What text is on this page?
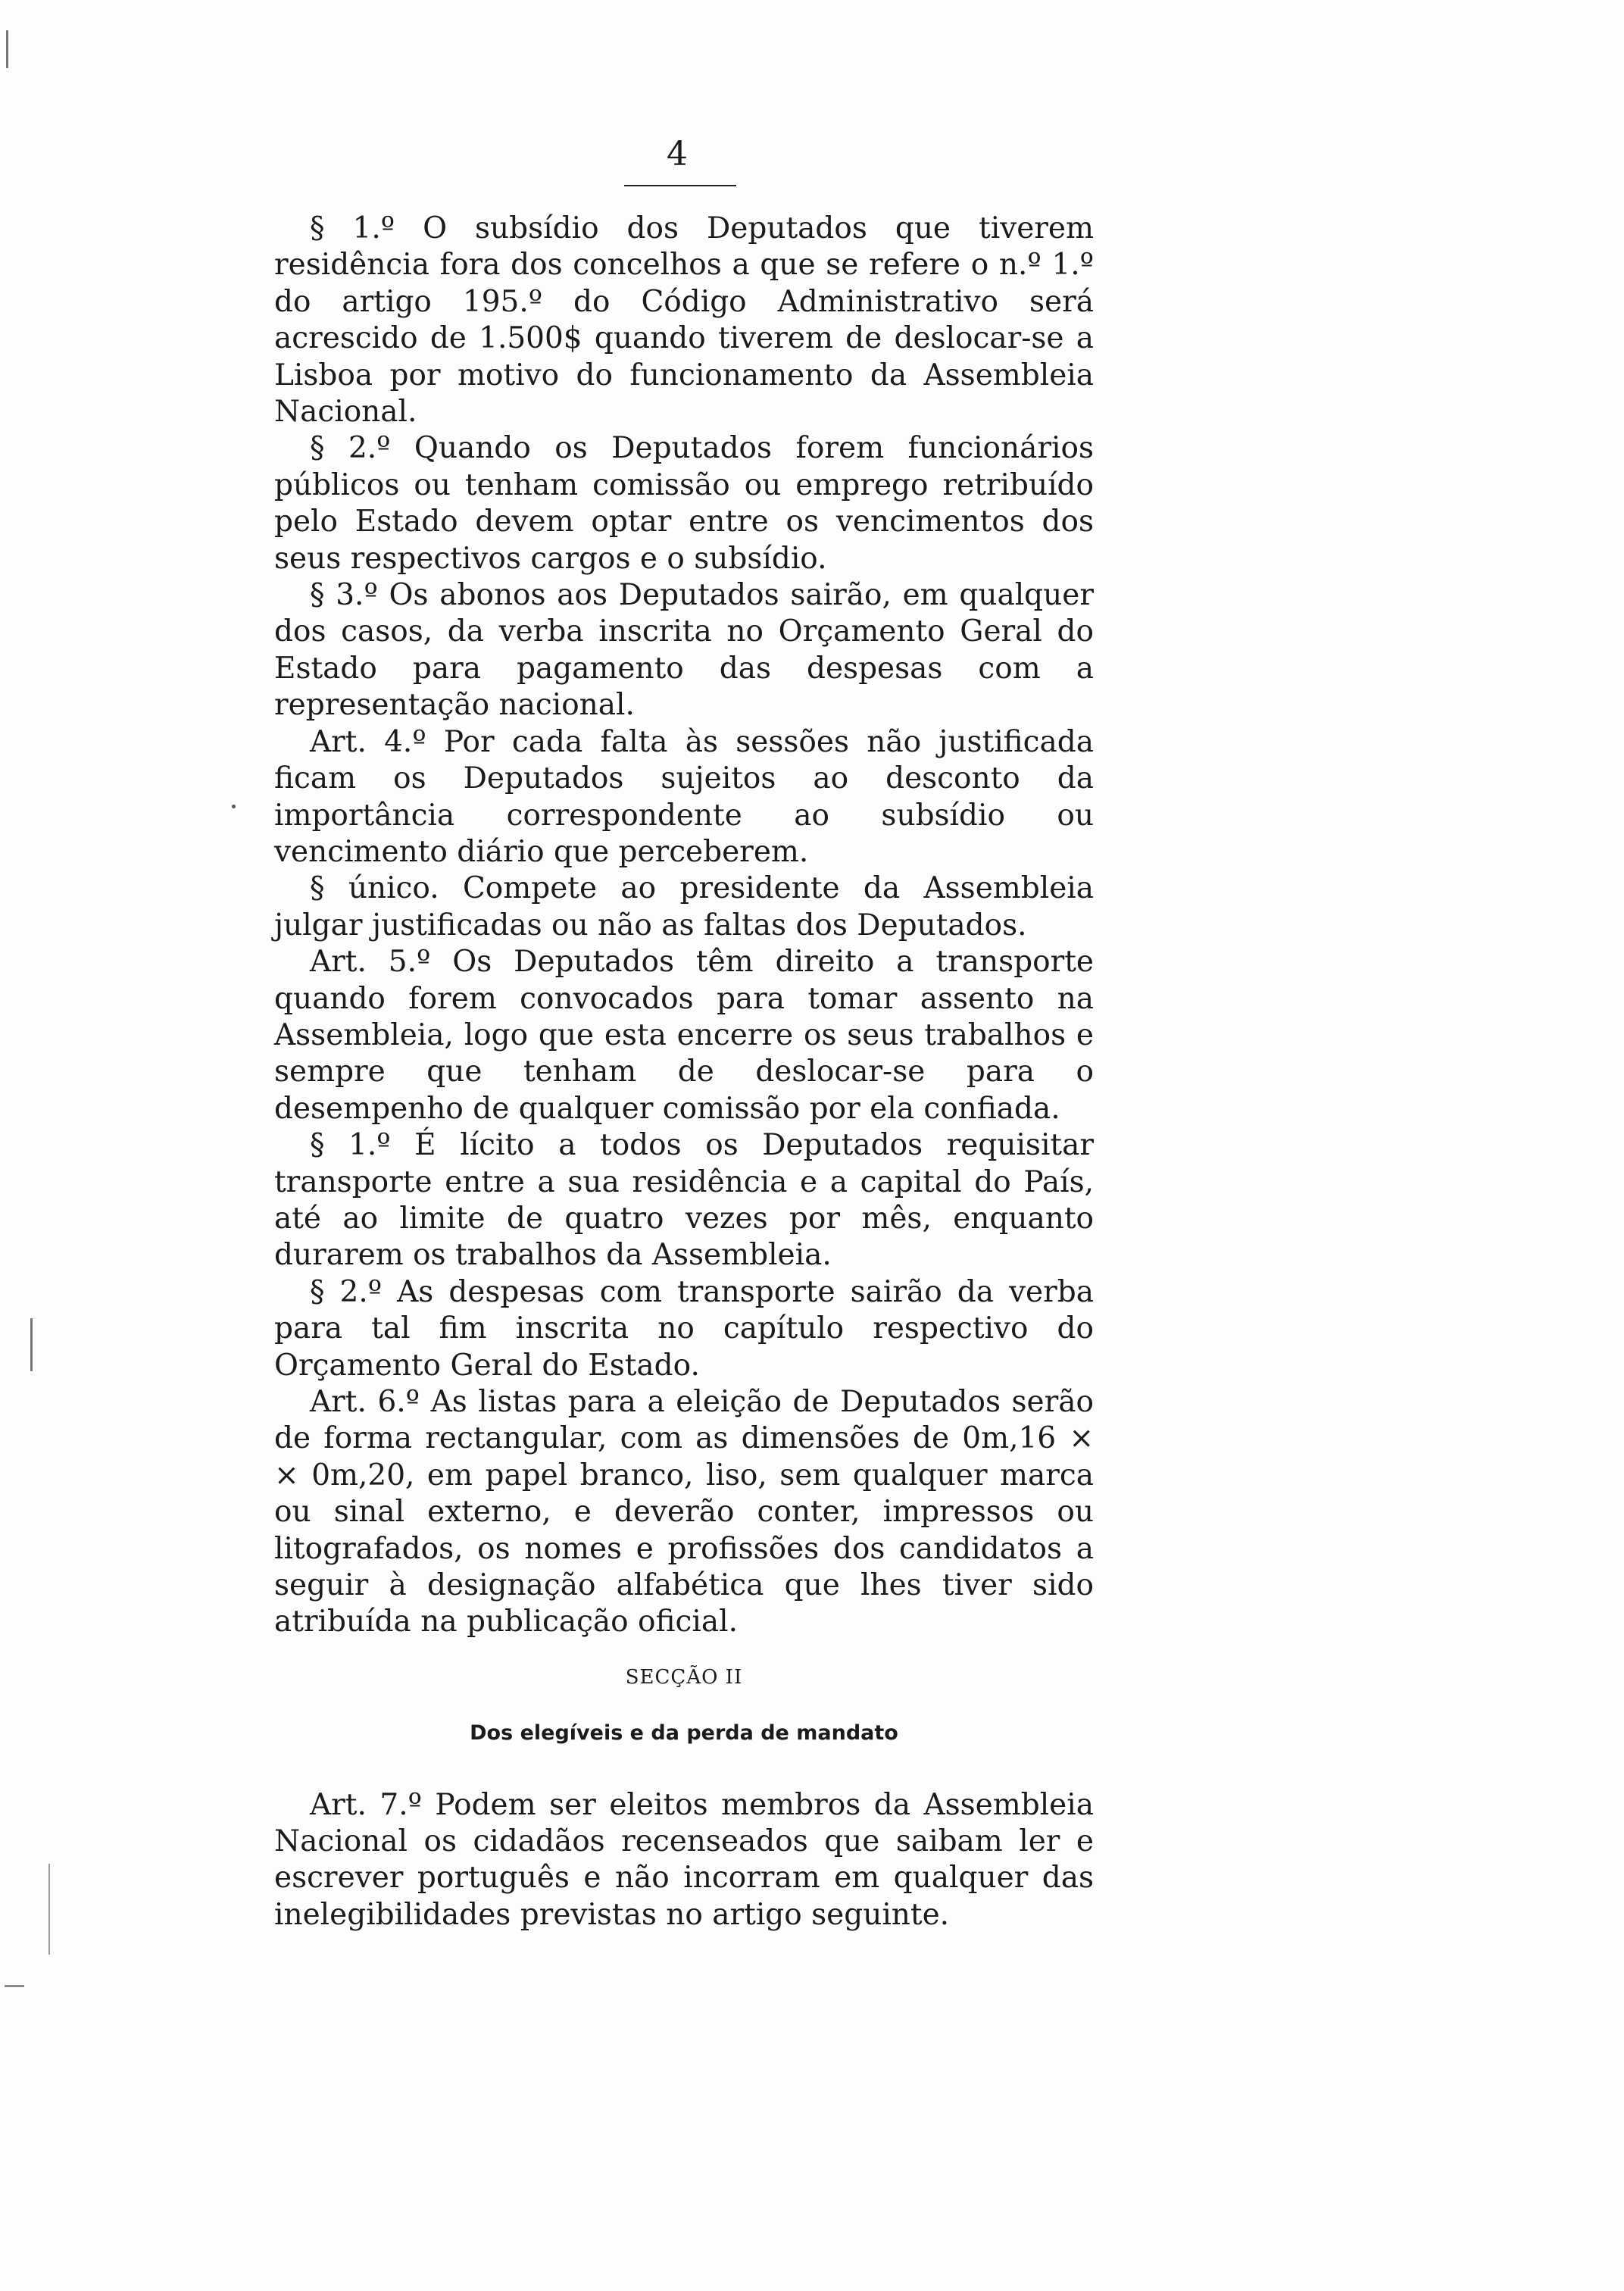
4

§ 1.º O subsídio dos Deputados que tiverem residência fora dos concelhos a que se refere o n.º 1.º do artigo 195.º do Código Administrativo será acrescido de 1.500$ quando tiverem de deslocar-se a Lisboa por motivo do funcionamento da Assembleia Nacional.

§ 2.º Quando os Deputados forem funcionários públicos ou tenham comissão ou emprego retribuído pelo Estado devem optar entre os vencimentos dos seus respectivos cargos e o subsídio.

§ 3.º Os abonos aos Deputados sairão, em qualquer dos casos, da verba inscrita no Orçamento Geral do Estado para pagamento das despesas com a representação nacional.

Art. 4.º Por cada falta às sessões não justificada ficam os Deputados sujeitos ao desconto da importância correspondente ao subsídio ou vencimento diário que perceberem.

§ único. Compete ao presidente da Assembleia julgar justificadas ou não as faltas dos Deputados.

Art. 5.º Os Deputados têm direito a transporte quando forem convocados para tomar assento na Assembleia, logo que esta encerre os seus trabalhos e sempre que tenham de deslocar-se para o desempenho de qualquer comissão por ela confiada.

§ 1.º É lícito a todos os Deputados requisitar transporte entre a sua residência e a capital do País, até ao limite de quatro vezes por mês, enquanto durarem os trabalhos da Assembleia.

§ 2.º As despesas com transporte sairão da verba para tal fim inscrita no capítulo respectivo do Orçamento Geral do Estado.

Art. 6.º As listas para a eleição de Deputados serão de forma rectangular, com as dimensões de 0m,16 × × 0m,20, em papel branco, liso, sem qualquer marca ou sinal externo, e deverão conter, impressos ou litografados, os nomes e profissões dos candidatos a seguir à designação alfabética que lhes tiver sido atribuída na publicação oficial.

SECÇÃO II

Dos elegíveis e da perda de mandato

Art. 7.º Podem ser eleitos membros da Assembleia Nacional os cidadãos recenseados que saibam ler e escrever português e não incorram em qualquer das inelegibilidades previstas no artigo seguinte.
